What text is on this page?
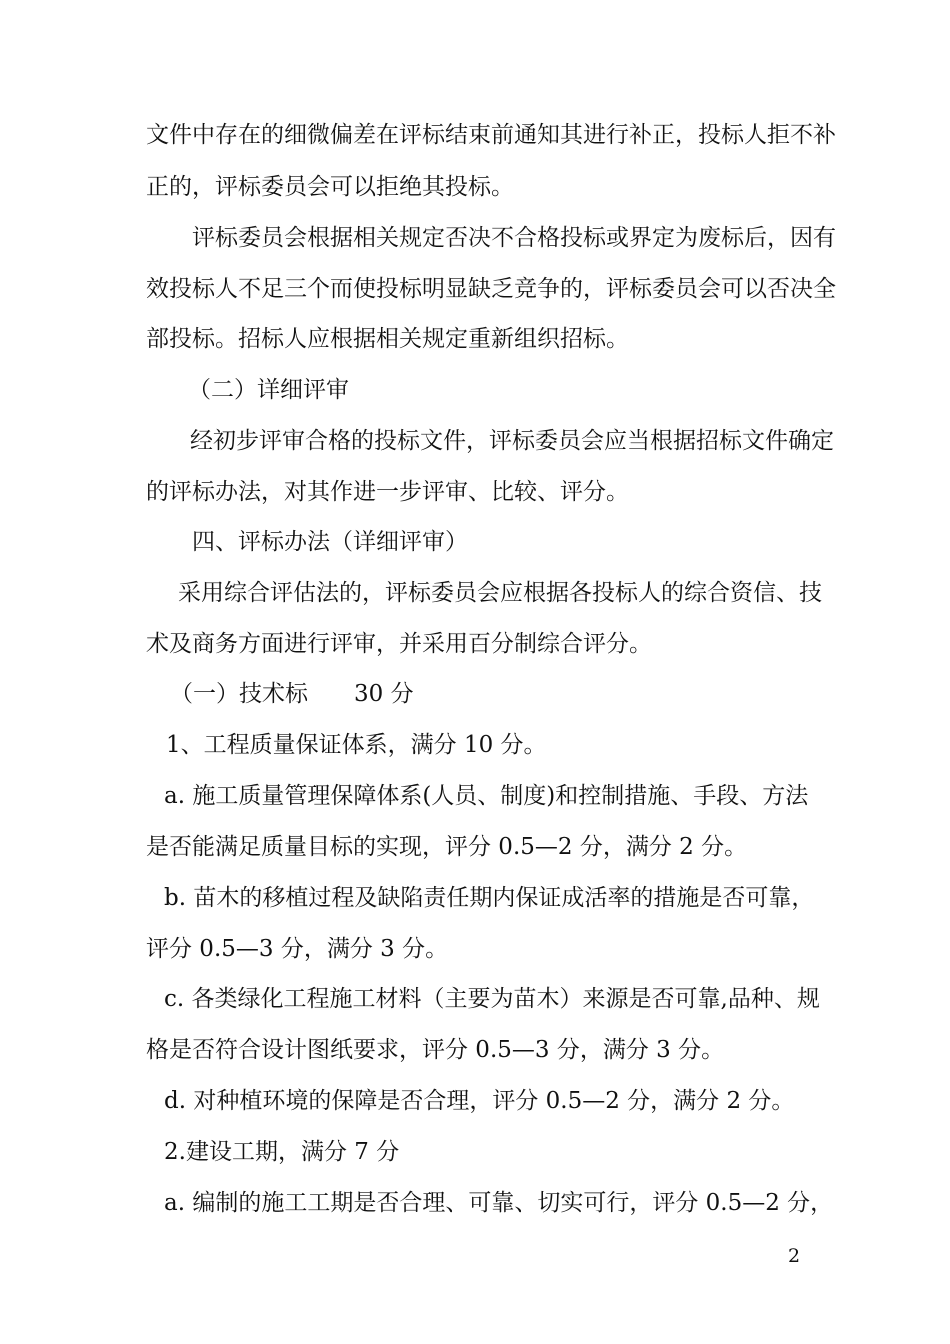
文件中存在的细微偏差在评标结束前通知其进行补正，投标人拒不补
正的，评标委员会可以拒绝其投标。
评标委员会根据相关规定否决不合格投标或界定为废标后，因有
效投标人不足三个而使投标明显缺乏竞争的，评标委员会可以否决全
部投标。招标人应根据相关规定重新组织招标。
（二）详细评审
经初步评审合格的投标文件，评标委员会应当根据招标文件确定
的评标办法，对其作进一步评审、比较、评分。
四、评标办法（详细评审）
采用综合评估法的，评标委员会应根据各投标人的综合资信、技
术及商务方面进行评审，并采用百分制综合评分。
（一）技术标　　30 分
1、工程质量保证体系，满分 10 分。
a. 施工质量管理保障体系(人员、制度)和控制措施、手段、方法
是否能满足质量目标的实现，评分 0.5—2 分，满分 2 分。
b. 苗木的移植过程及缺陷责任期内保证成活率的措施是否可靠，
评分 0.5—3 分，满分 3 分。
c. 各类绿化工程施工材料（主要为苗木）来源是否可靠,品种、规
格是否符合设计图纸要求，评分 0.5—3 分，满分 3 分。
d. 对种植环境的保障是否合理，评分 0.5—2 分，满分 2 分。
2.建设工期，满分 7 分
a. 编制的施工工期是否合理、可靠、切实可行，评分 0.5—2 分，
2
